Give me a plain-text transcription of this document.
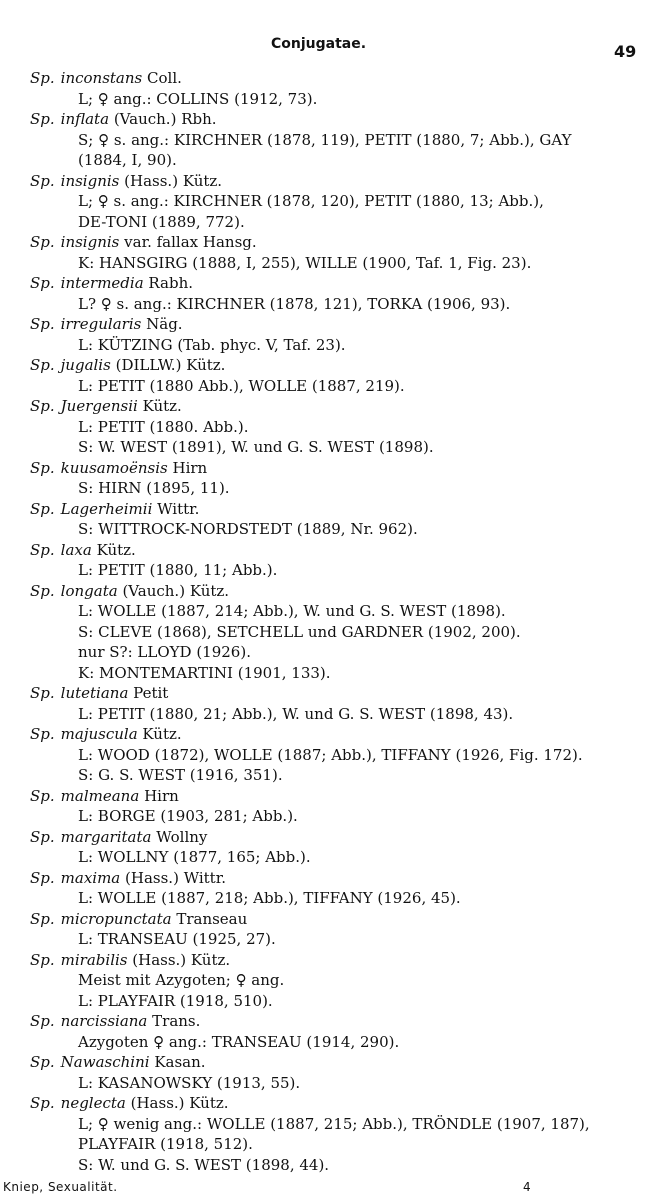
Conjugatae.	49
Sp. inconstans Coll.
L; ♀ ang.: COLLINS (1912, 73).
Sp. inflata (Vauch.) Rbh.
S; ♀ s. ang.: KIRCHNER (1878, 119), PETIT (1880, 7; Abb.), GAY
(1884, I, 90).
Sp. insignis (Hass.) Kütz.
L; ♀ s. ang.: KIRCHNER (1878, 120), PETIT (1880, 13; Abb.),
DE-TONI (1889, 772).
Sp. insignis var. fallax Hansg.
K: HANSGIRG (1888, I, 255), WILLE (1900, Taf. 1, Fig. 23).
Sp. intermedia Rabh.
L? ♀ s. ang.: KIRCHNER (1878, 121), TORKA (1906, 93).
Sp. irregularis Näg.
L: KÜTZING (Tab. phyc. V, Taf. 23).
Sp. jugalis (DILLW.) Kütz.
L: PETIT (1880 Abb.), WOLLE (1887, 219).
Sp. Juergensii Kütz.
L: PETIT (1880. Abb.).
S: W. WEST (1891), W. und G. S. WEST (1898).
Sp. kuusamoënsis Hirn
S: HIRN (1895, 11).
Sp. Lagerheimii Wittr.
S: WITTROCK-NORDSTEDT (1889, Nr. 962).
Sp. laxa Kütz.
L: PETIT (1880, 11; Abb.).
Sp. longata (Vauch.) Kütz.
L: WOLLE (1887, 214; Abb.), W. und G. S. WEST (1898).
S: CLEVE (1868), SETCHELL und GARDNER (1902, 200).
nur S?: LLOYD (1926).
K: MONTEMARTINI (1901, 133).
Sp. lutetiana Petit
L: PETIT (1880, 21; Abb.), W. und G. S. WEST (1898, 43).
Sp. majuscula Kütz.
L: WOOD (1872), WOLLE (1887; Abb.), TIFFANY (1926, Fig. 172).
S: G. S. WEST (1916, 351).
Sp. malmeana Hirn
L: BORGE (1903, 281; Abb.).
Sp. margaritata Wollny
L: WOLLNY (1877, 165; Abb.).
Sp. maxima (Hass.) Wittr.
L: WOLLE (1887, 218; Abb.), TIFFANY (1926, 45).
Sp. micropunctata Transeau
L: TRANSEAU (1925, 27).
Sp. mirabilis (Hass.) Kütz.
Meist mit Azygoten; ♀ ang.
L: PLAYFAIR (1918, 510).
Sp. narcissiana Trans.
Azygoten ♀ ang.: TRANSEAU (1914, 290).
Sp. Nawaschini Kasan.
L: KASANOWSKY (1913, 55).
Sp. neglecta (Hass.) Kütz.
L; ♀ wenig ang.: WOLLE (1887, 215; Abb.), TRÖNDLE (1907, 187),
PLAYFAIR (1918, 512).
S: W. und G. S. WEST (1898, 44).
Kniep, Sexualität.	4
